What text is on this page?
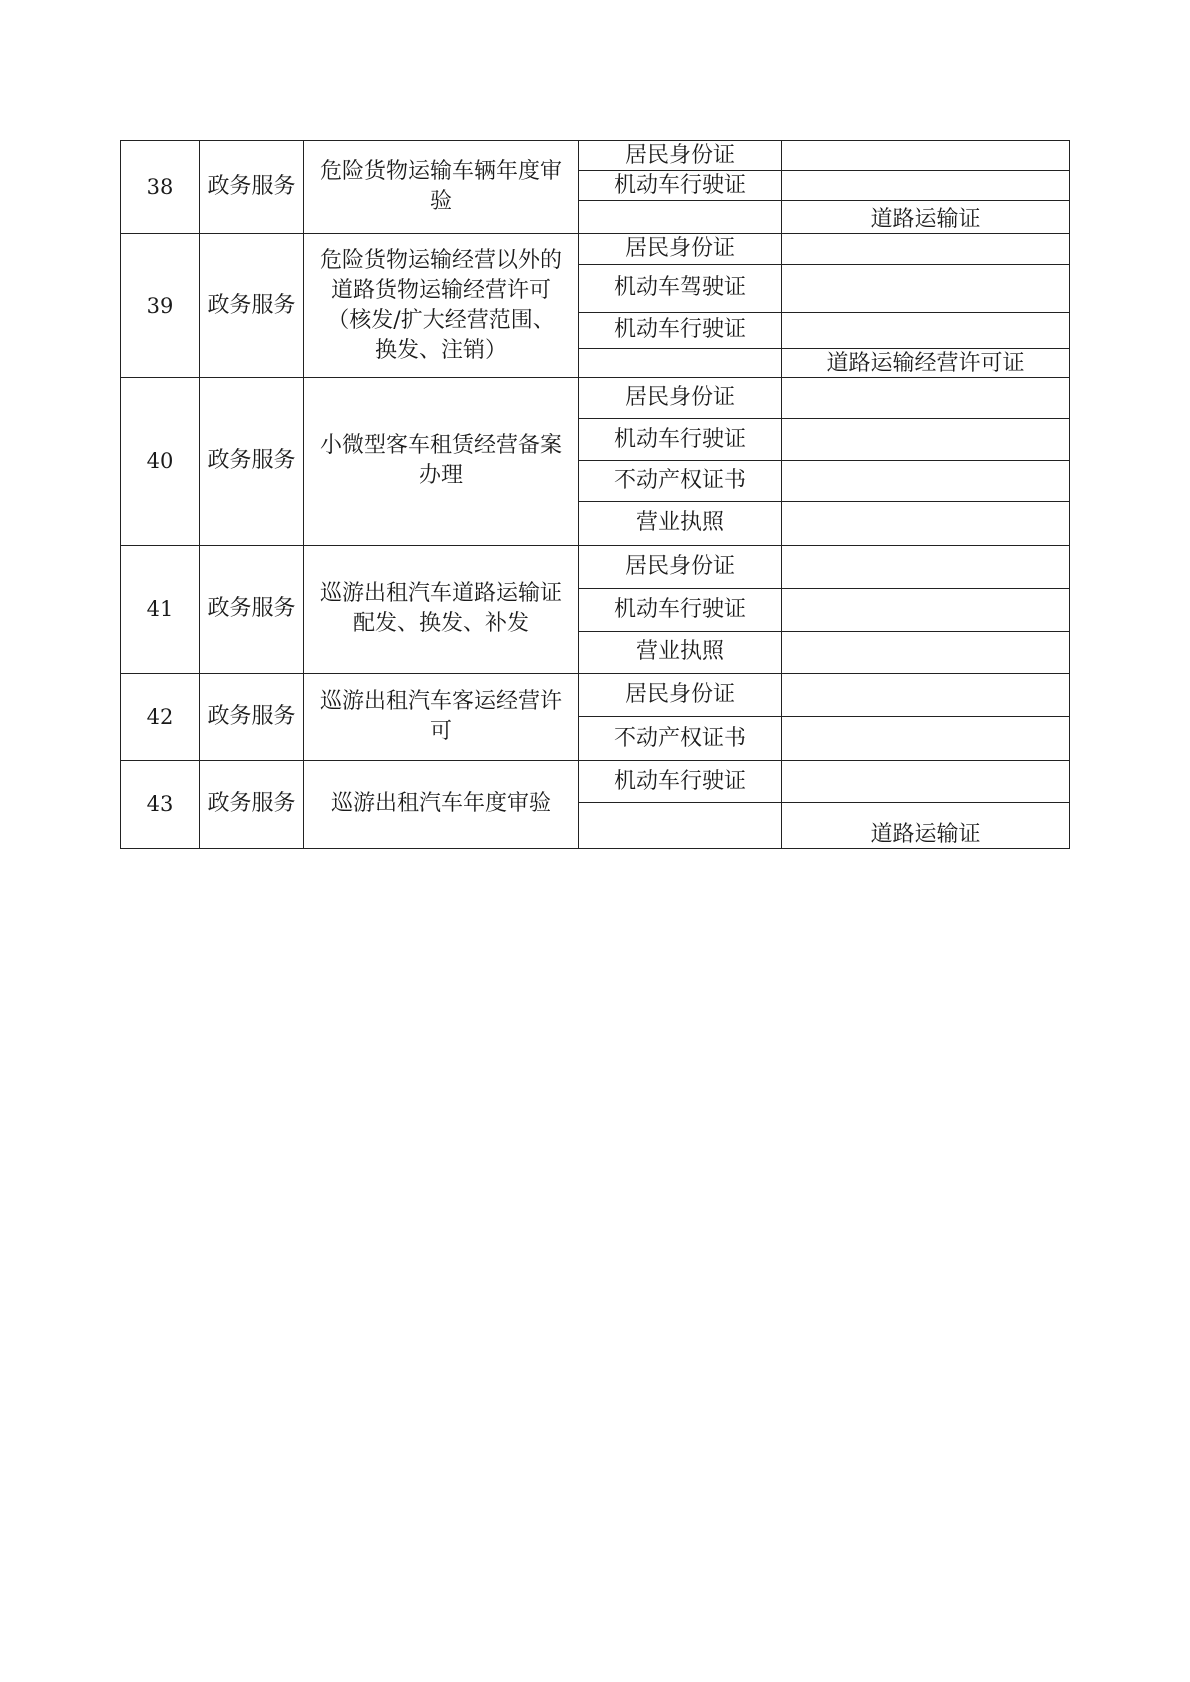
38	政务服务	危险货物运输车辆年度审
验	居民身份证	
			机动车行驶证	
				道路运输证
39	政务服务	危险货物运输经营以外的
道路货物运输经营许可
（核发/扩大经营范围、
换发、注销）	居民身份证	
			机动车驾驶证	
			机动车行驶证	
				道路运输经营许可证
40	政务服务	小微型客车租赁经营备案
办理	居民身份证	
			机动车行驶证	
			不动产权证书	
			营业执照	
41	政务服务	巡游出租汽车道路运输证
配发、换发、补发	居民身份证	
			机动车行驶证	
			营业执照	
42	政务服务	巡游出租汽车客运经营许
可	居民身份证	
			不动产权证书	
43	政务服务	巡游出租汽车年度审验	机动车行驶证	
				道路运输证
